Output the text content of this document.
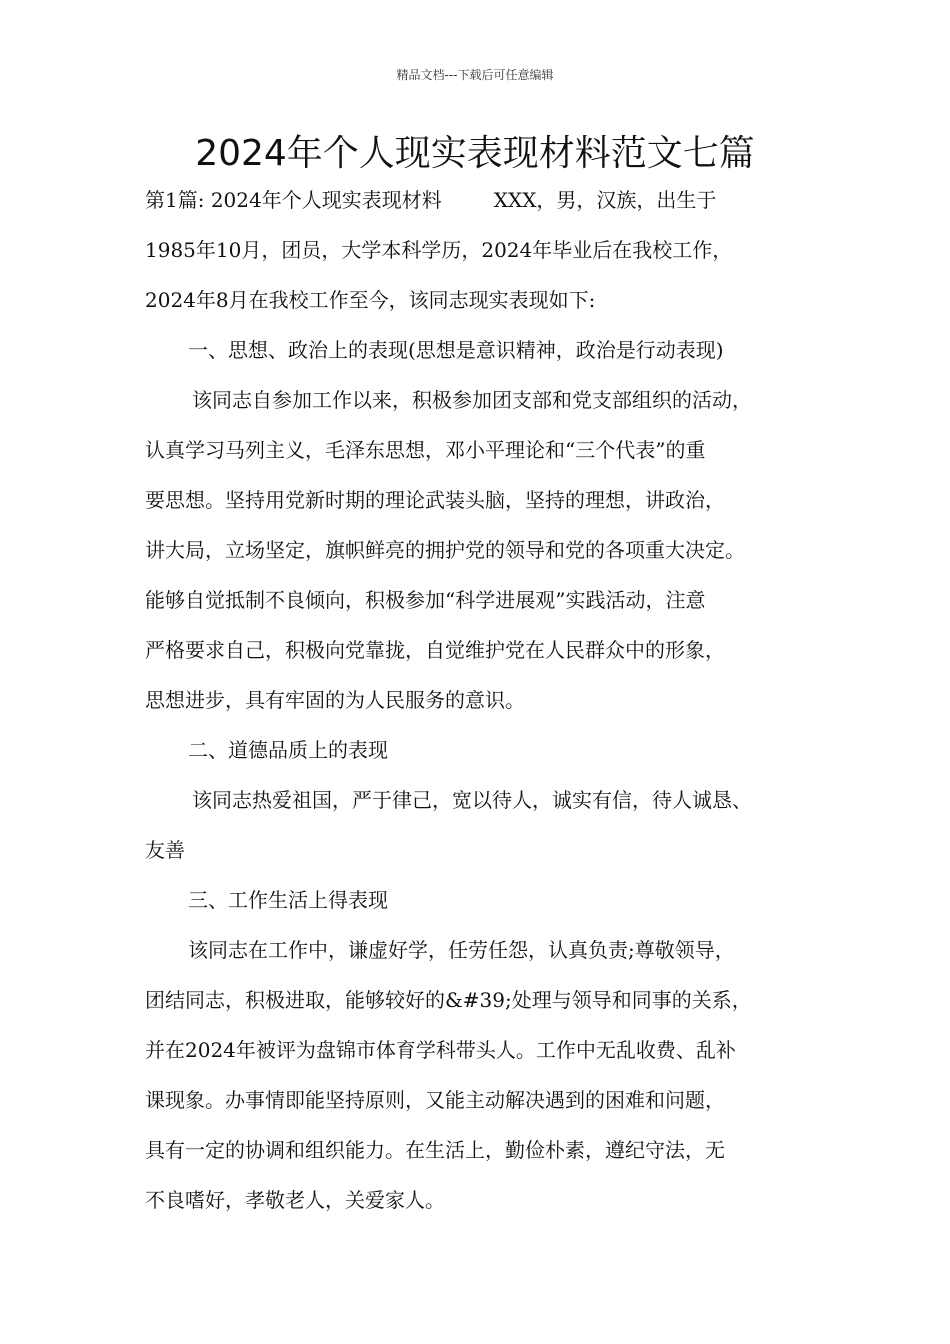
精品文档---下载后可任意编辑
2024年个人现实表现材料范文七篇
第1篇: 2024年个人现实表现材料	XXX，男，汉族，出生于
1985年10月，团员，大学本科学历，2024年毕业后在我校工作，
2024年8月在我校工作至今，该同志现实表现如下:
一、思想、政治上的表现(思想是意识精神，政治是行动表现)
该同志自参加工作以来，积极参加团支部和党支部组织的活动，
认真学习马列主义，毛泽东思想，邓小平理论和“三个代表”的重
要思想。坚持用党新时期的理论武装头脑，坚持的理想，讲政治，
讲大局，立场坚定，旗帜鲜亮的拥护党的领导和党的各项重大决定。
能够自觉抵制不良倾向，积极参加“科学进展观”实践活动，注意
严格要求自己，积极向党靠拢，自觉维护党在人民群众中的形象，
思想进步，具有牢固的为人民服务的意识。
二、道德品质上的表现
该同志热爱祖国，严于律己，宽以待人，诚实有信，待人诚恳、
友善
三、工作生活上得表现
该同志在工作中，谦虚好学，任劳任怨，认真负责;尊敬领导，
团结同志，积极进取，能够较好的&#39;处理与领导和同事的关系，
并在2024年被评为盘锦市体育学科带头人。工作中无乱收费、乱补
课现象。办事情即能坚持原则，又能主动解决遇到的困难和问题，
具有一定的协调和组织能力。在生活上，勤俭朴素，遵纪守法，无
不良嗜好，孝敬老人，关爱家人。
